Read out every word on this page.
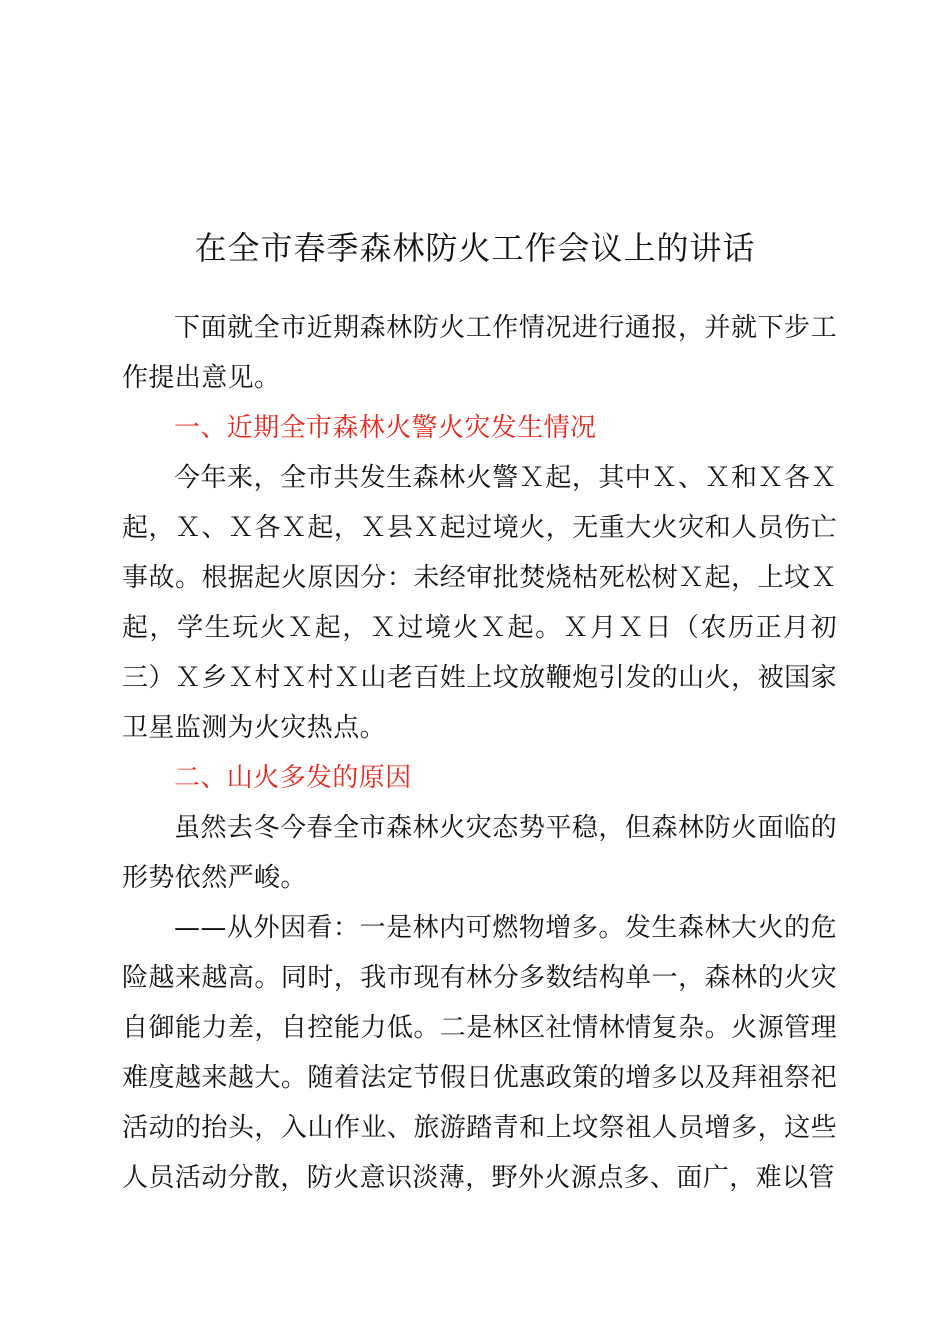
在全市春季森林防火工作会议上的讲话

下面就全市近期森林防火工作情况进行通报，并就下步工作提出意见。

一、近期全市森林火警火灾发生情况

今年来，全市共发生森林火警Ｘ起，其中Ｘ、Ｘ和Ｘ各Ｘ起，Ｘ、Ｘ各Ｘ起，Ｘ县Ｘ起过境火，无重大火灾和人员伤亡事故。根据起火原因分：未经审批焚烧枯死松树Ｘ起，上坟Ｘ起，学生玩火Ｘ起，Ｘ过境火Ｘ起。Ｘ月Ｘ日（农历正月初三）Ｘ乡Ｘ村Ｘ村Ｘ山老百姓上坟放鞭炮引发的山火，被国家卫星监测为火灾热点。

二、山火多发的原因

虽然去冬今春全市森林火灾态势平稳，但森林防火面临的形势依然严峻。

——从外因看：一是林内可燃物增多。发生森林大火的危险越来越高。同时，我市现有林分多数结构单一，森林的火灾自御能力差，自控能力低。二是林区社情林情复杂。火源管理难度越来越大。随着法定节假日优惠政策的增多以及拜祖祭祀活动的抬头，入山作业、旅游踏青和上坟祭祖人员增多，这些人员活动分散，防火意识淡薄，野外火源点多、面广，难以管
